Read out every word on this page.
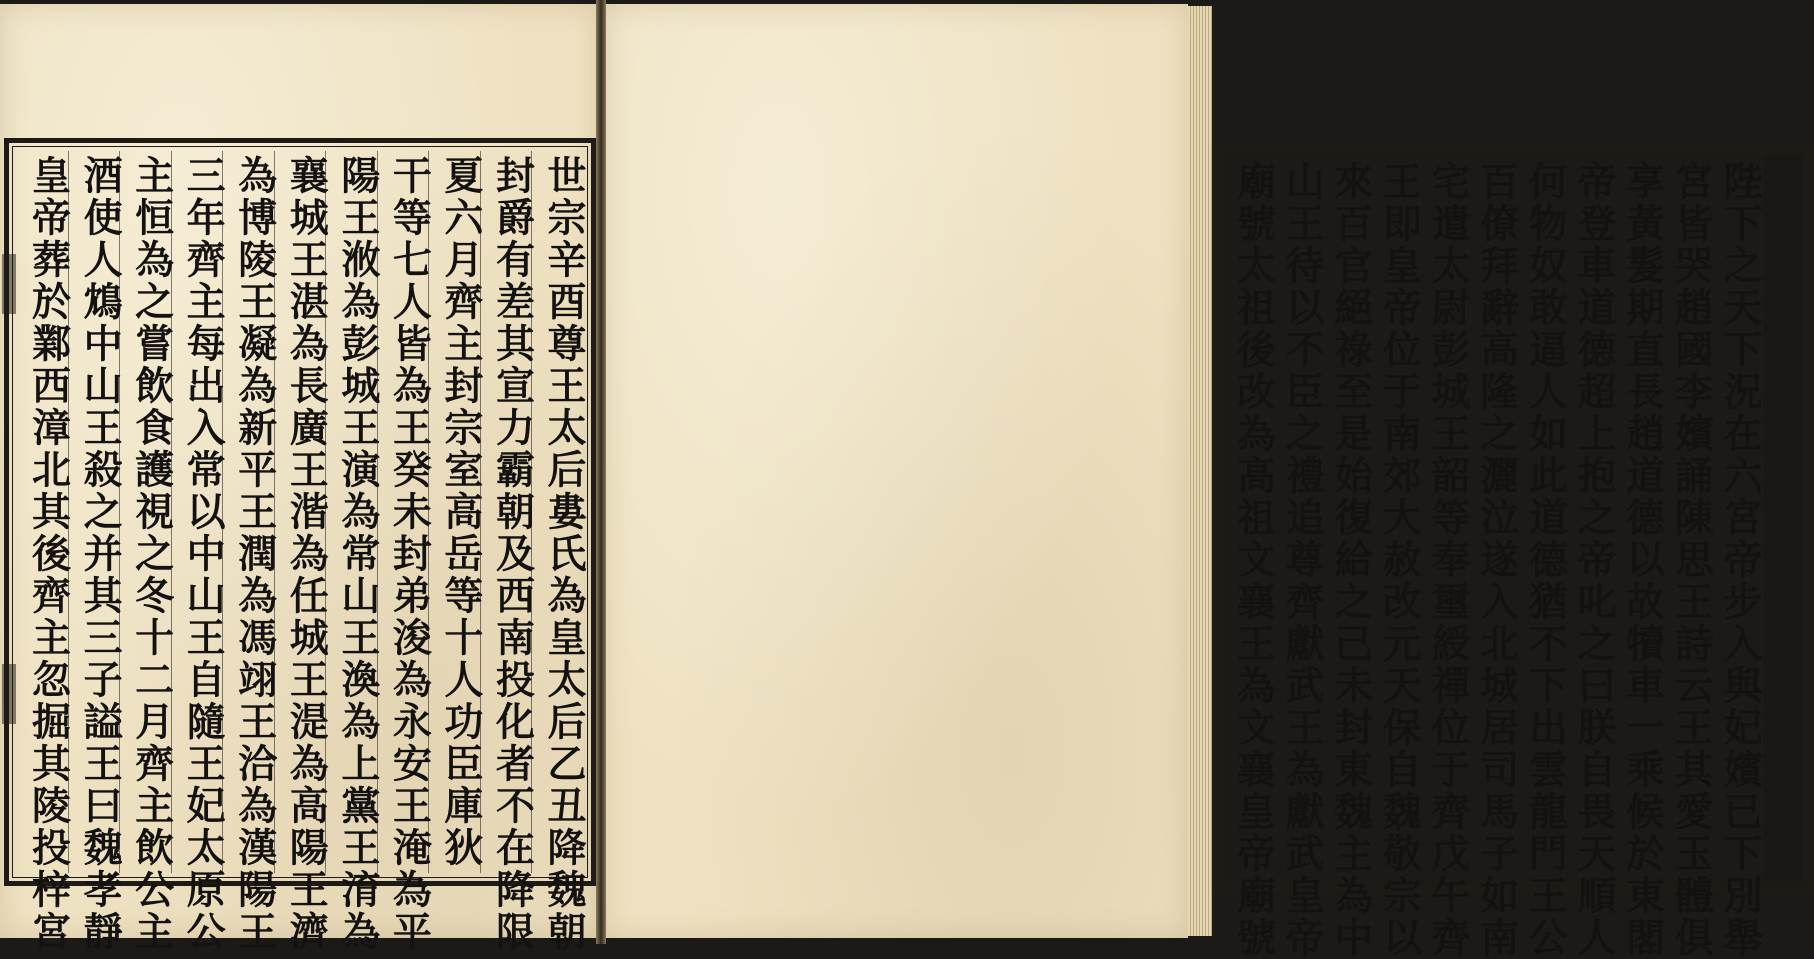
陛下之天下況在六宮帝步入與妃嬪已下別舉
宮皆哭趙國李嬪誦陳思王詩云王其愛玉體俱
享黃髮期直長趙道德以故犢車一乘候於東閣
帝登車道德超上抱之帝叱之曰朕自畏天順人
何物奴敢逼人如此道德猶不下出雲龍門王公
百僚拜辭高隆之灑泣遂入北城居司馬子如南
宅遣太尉彭城王韶等奉璽綬禪位于齊戊午齊
王即皇帝位于南郊大赦改元天保自魏敬宗以
來百官絕祿至是始復給之己未封東魏主為中
山王待以不臣之禮追尊齊獻武王為獻武皇帝
廟號太祖後改為高祖文襄王為文襄皇帝廟號
世宗辛酉尊王太后婁氏為皇太后乙丑降魏朝
封爵有差其宣力霸朝及西南投化者不在降限
夏六月齊主封宗室高岳等十人功臣庫狄
干等七人皆為王癸未封弟浚為永安王淹為平
陽王浟為彭城王演為常山王渙為上黨王淯為
襄城王湛為長廣王湝為任城王湜為高陽王濟
為博陵王凝為新平王潤為馮翊王洽為漢陽王
三年齊主每出入常以中山王自隨王妃太原公
主恒為之嘗飲食護視之冬十二月齊主飲公主
酒使人鴆中山王殺之并其三子謚王曰魏孝靜
皇帝葬於鄴西漳北其後齊主忽掘其陵投梓宮
